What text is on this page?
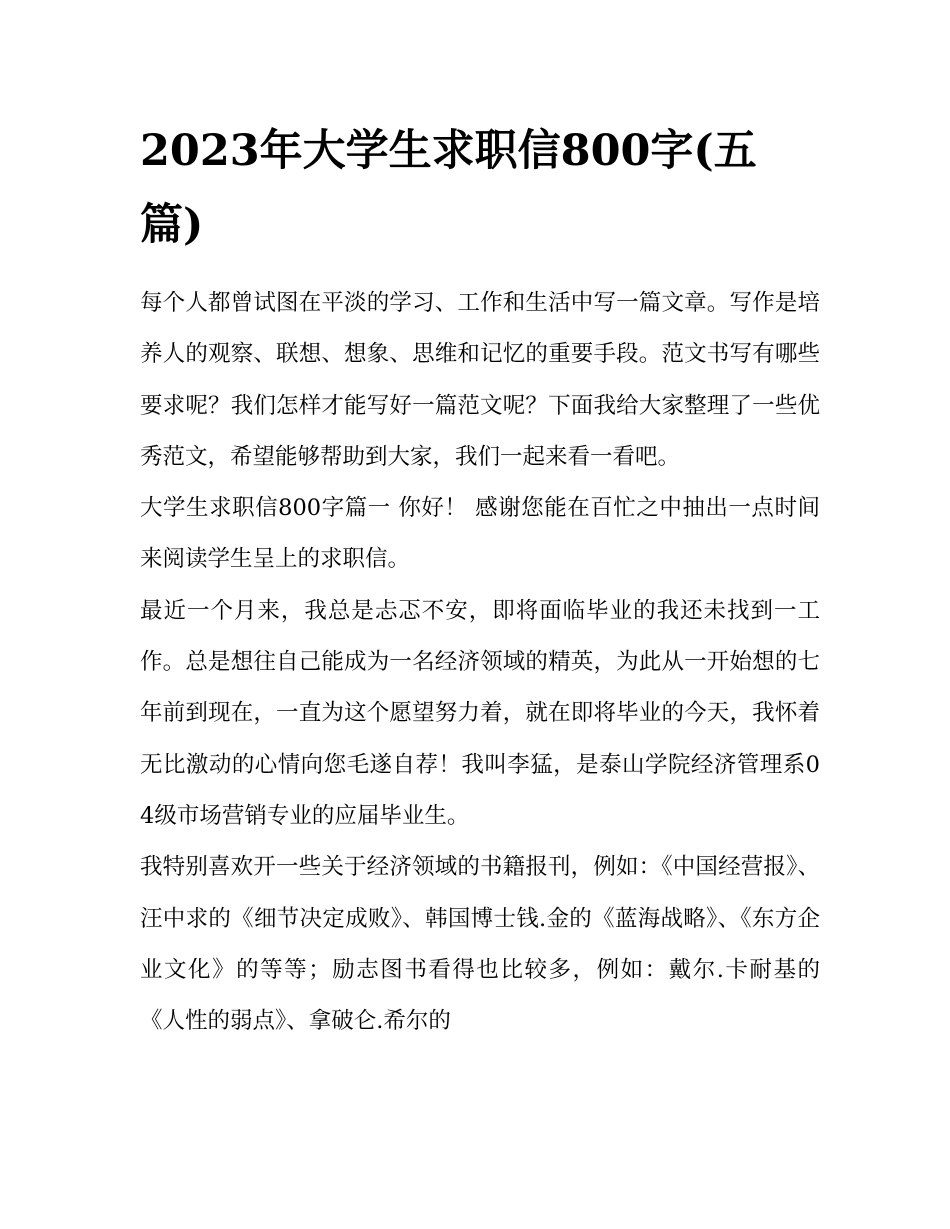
2023年大学生求职信800字(五篇)

每个人都曾试图在平淡的学习、工作和生活中写一篇文章。写作是培养人的观察、联想、想象、思维和记忆的重要手段。范文书写有哪些要求呢？我们怎样才能写好一篇范文呢？下面我给大家整理了一些优秀范文，希望能够帮助到大家，我们一起来看一看吧。

大学生求职信800字篇一 你好！ 感谢您能在百忙之中抽出一点时间来阅读学生呈上的求职信。

最近一个月来，我总是忐忑不安，即将面临毕业的我还未找到一工作。总是想往自己能成为一名经济领域的精英，为此从一开始想的七年前到现在，一直为这个愿望努力着，就在即将毕业的今天，我怀着无比激动的心情向您毛遂自荐！我叫李猛，是泰山学院经济管理系04级市场营销专业的应届毕业生。

我特别喜欢开一些关于经济领域的书籍报刊，例如：《中国经营报》、汪中求的《细节决定成败》、韩国博士钱.金的《蓝海战略》、《东方企业文化》的等等；励志图书看得也比较多，例如：戴尔.卡耐基的《人性的弱点》、拿破仑.希尔的
